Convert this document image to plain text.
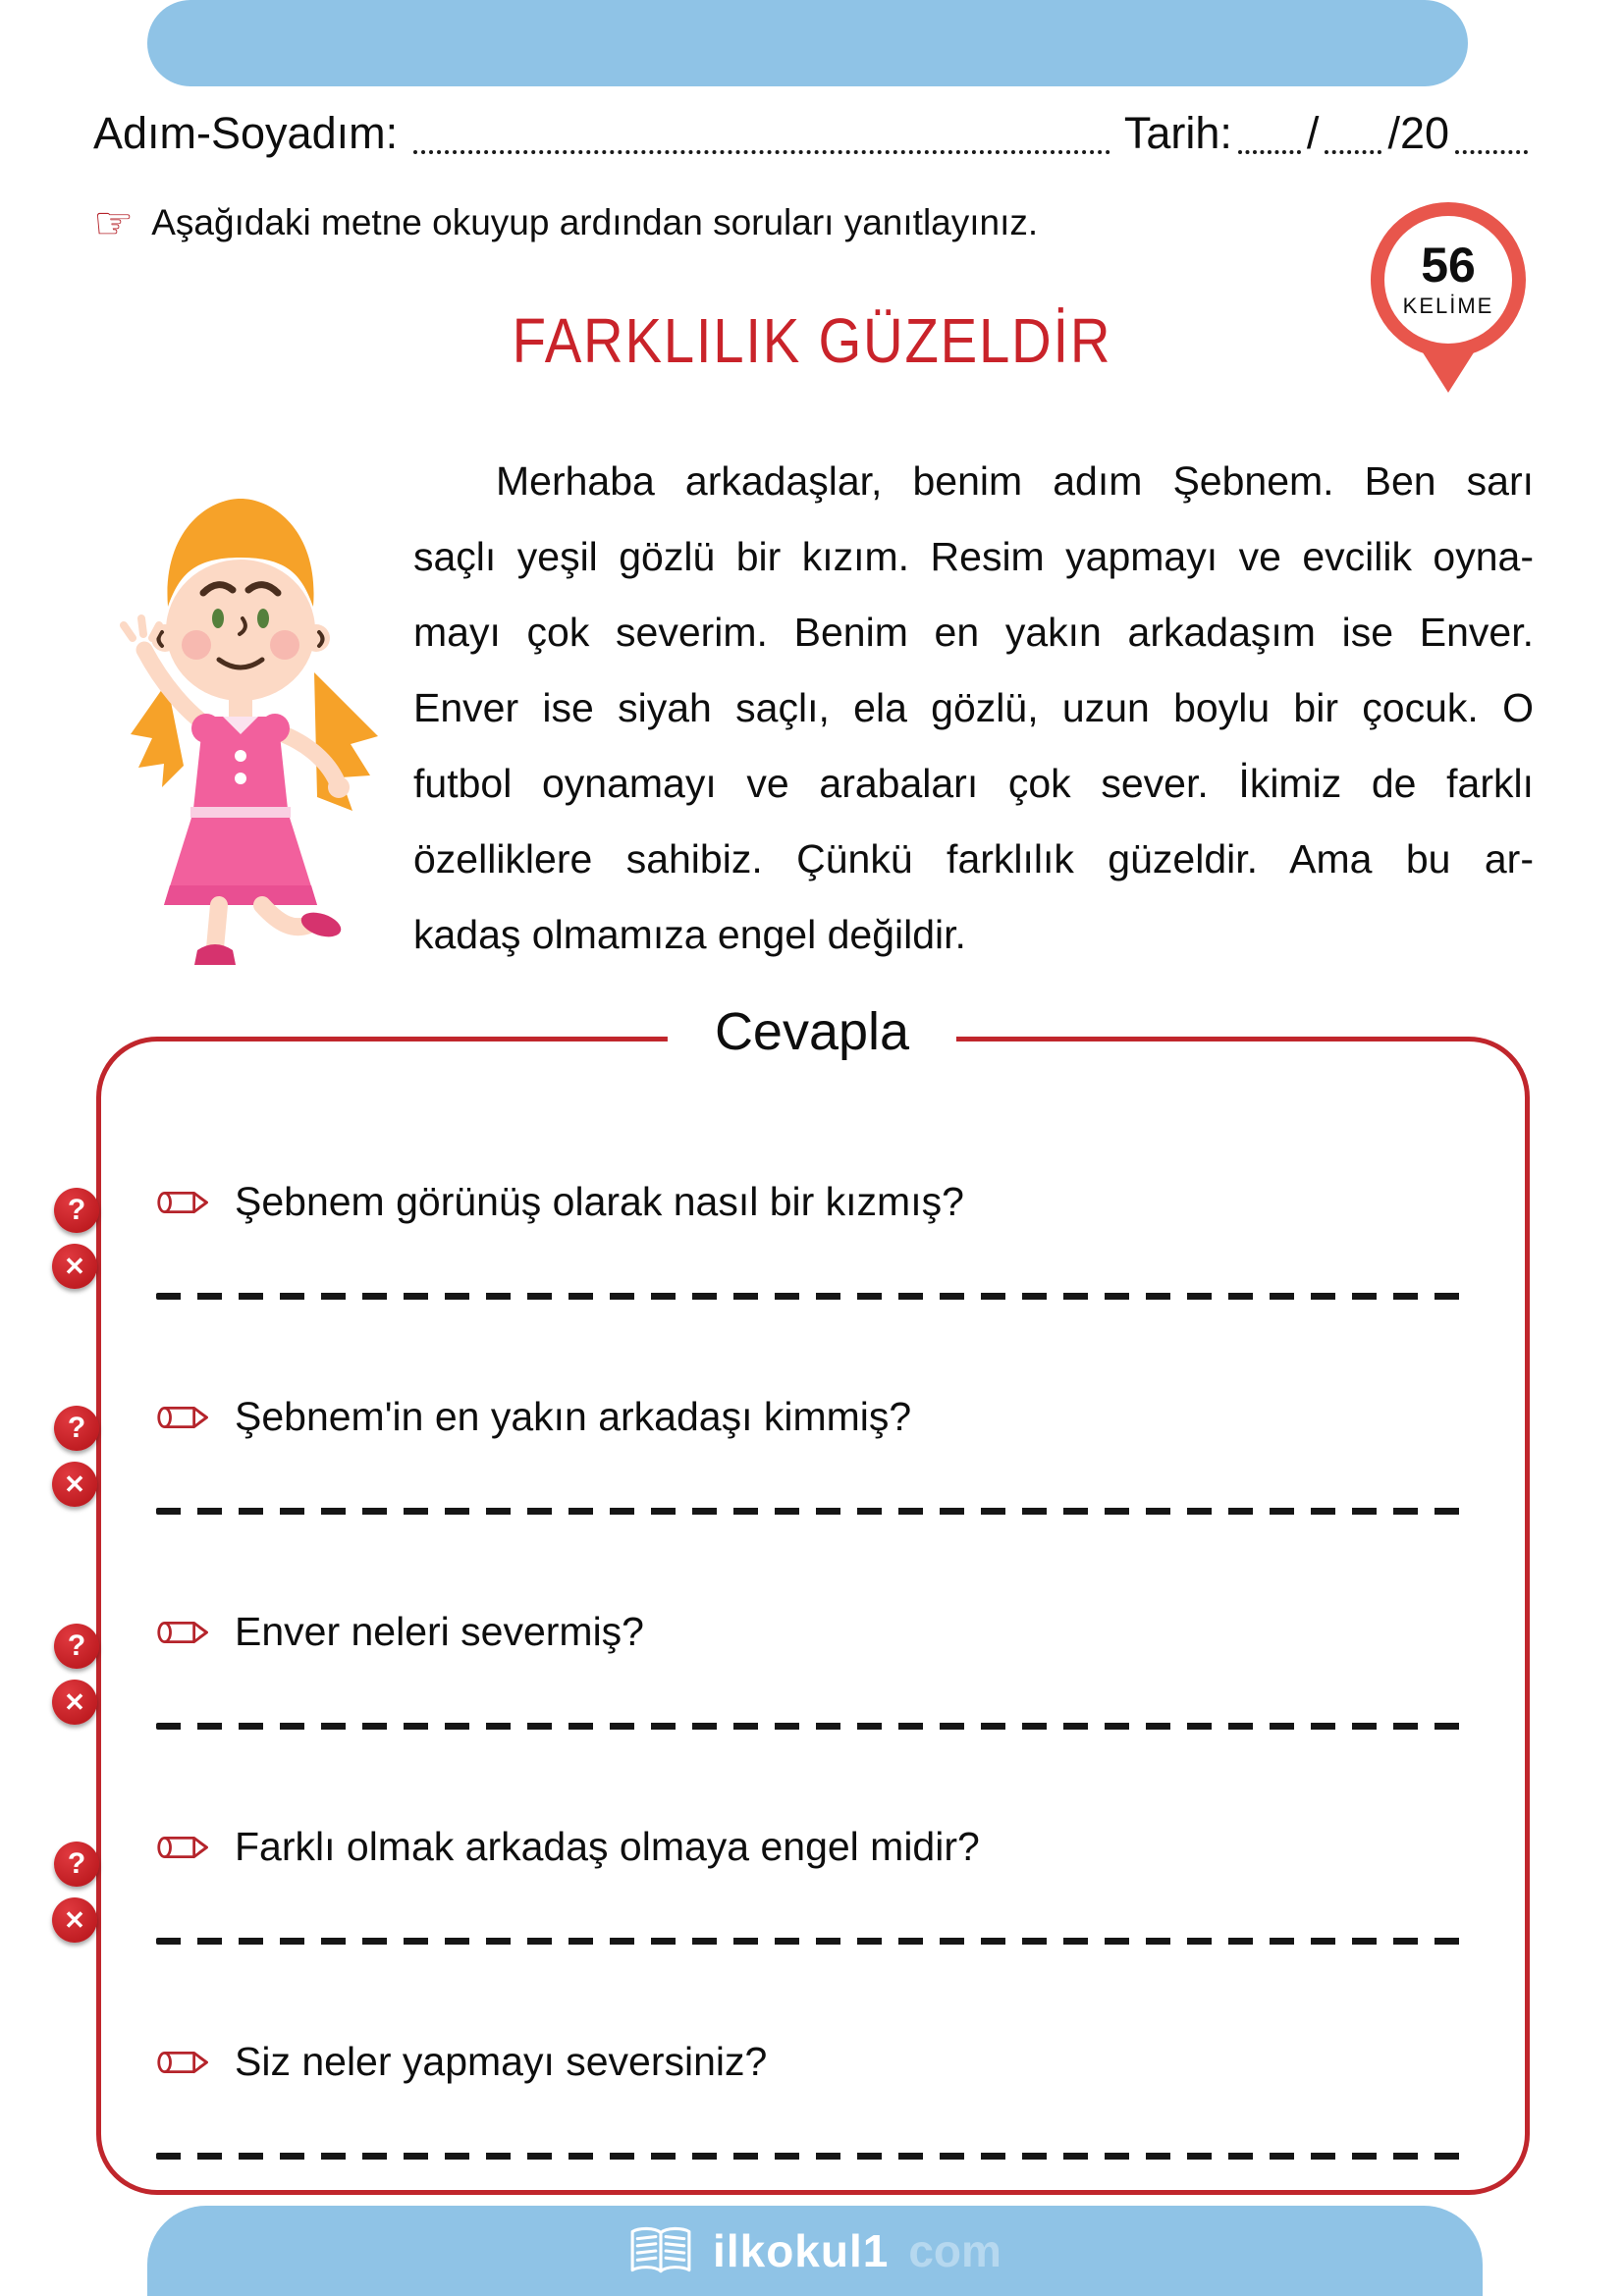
Adım-Soyadım:	Tarih: / /20
☞ Aşağıdaki metne okuyup ardından soruları yanıtlayınız.
56
KELİME
FARKLILIK GÜZELDİR
Merhaba arkadaşlar, benim adım Şebnem. Ben sarı
saçlı yeşil gözlü bir kızım. Resim yapmayı ve evcilik oyna-
mayı çok severim. Benim en yakın arkadaşım ise Enver.
Enver ise siyah saçlı, ela gözlü, uzun boylu bir çocuk. O
futbol oynamayı ve arabaları çok sever. İkimiz de farklı
özelliklere sahibiz. Çünkü farklılık güzeldir. Ama bu ar-
kadaş olmamıza engel değildir.
Cevapla
Şebnem görünüş olarak nasıl bir kızmış?
Şebnem'in en yakın arkadaşı kimmiş?
Enver neleri severmiş?
Farklı olmak arkadaş olmaya engel midir?
Siz neler yapmayı seversiniz?
?
✕
?
✕
?
✕
?
✕
ilkokul1 com
